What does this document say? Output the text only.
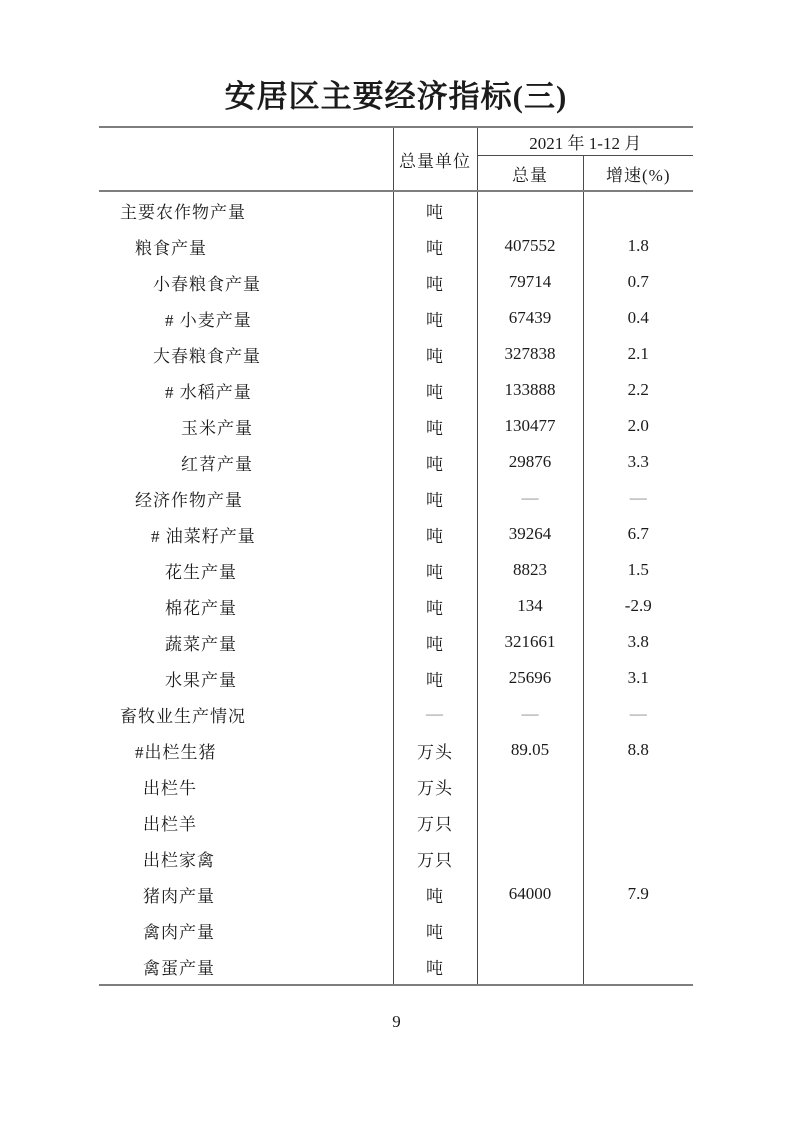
安居区主要经济指标(三)
	总量单位	2021 年 1-12 月	
		总量	增速(%)
主要农作物产量	吨		
粮食产量	吨	407552	1.8
小春粮食产量	吨	79714	0.7
# 小麦产量	吨	67439	0.4
大春粮食产量	吨	327838	2.1
# 水稻产量	吨	133888	2.2
玉米产量	吨	130477	2.0
红苕产量	吨	29876	3.3
经济作物产量	吨	—	—
# 油菜籽产量	吨	39264	6.7
花生产量	吨	8823	1.5
棉花产量	吨	134	-2.9
蔬菜产量	吨	321661	3.8
水果产量	吨	25696	3.1
畜牧业生产情况	—	—	—
#出栏生猪	万头	89.05	8.8
出栏牛	万头		
出栏羊	万只		
出栏家禽	万只		
猪肉产量	吨	64000	7.9
禽肉产量	吨		
禽蛋产量	吨		
9
